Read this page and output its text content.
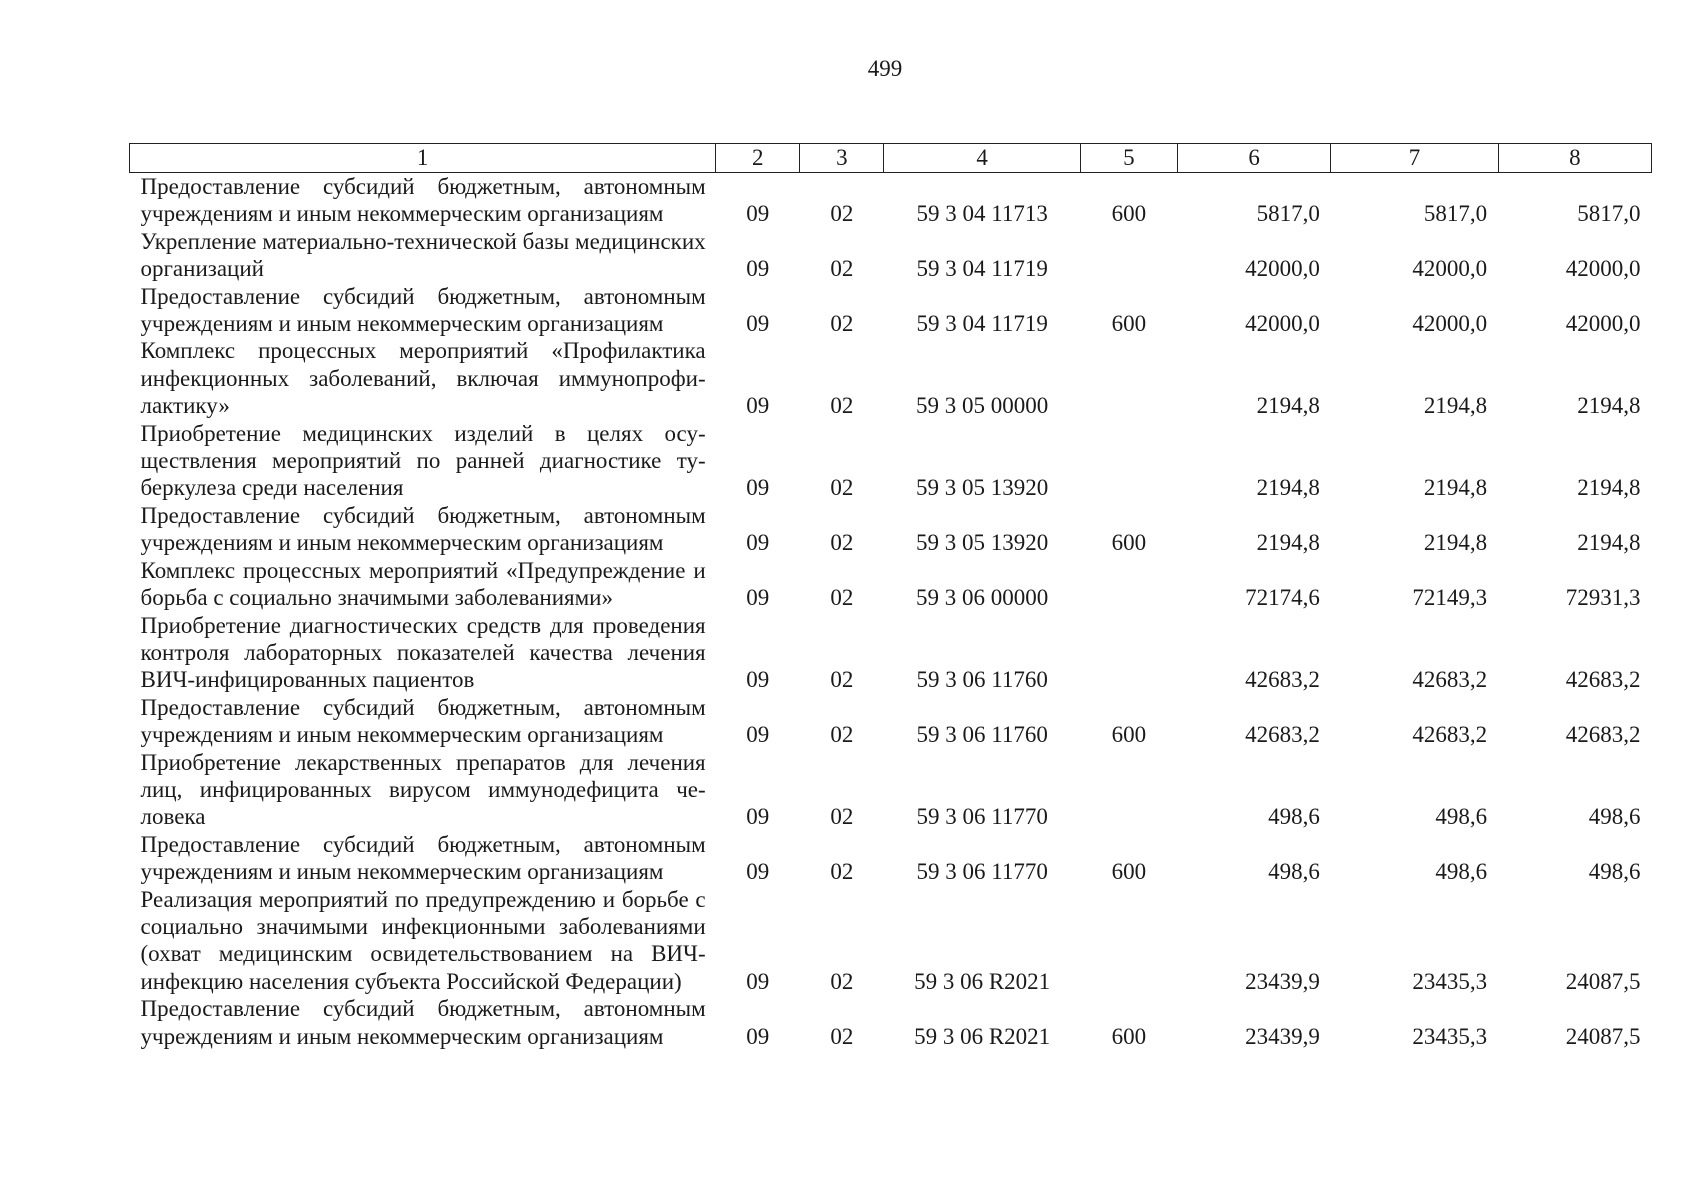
499
1	2	3	4	5	6	7	8
Предоставление субсидий бюджетным, автономным учреждениям и иным некоммерческим организациям	09	02	59 3 04 11713	600	5817,0	5817,0	5817,0
Укрепление материально-технической базы медицинских организаций	09	02	59 3 04 11719		42000,0	42000,0	42000,0
Предоставление субсидий бюджетным, автономным учреждениям и иным некоммерческим организациям	09	02	59 3 04 11719	600	42000,0	42000,0	42000,0
Комплекс процессных мероприятий «Профилактика инфекционных заболеваний, включая иммунопрофилактику»	09	02	59 3 05 00000		2194,8	2194,8	2194,8
Приобретение медицинских изделий в целях осуществления мероприятий по ранней диагностике туберкулеза среди населения	09	02	59 3 05 13920		2194,8	2194,8	2194,8
Предоставление субсидий бюджетным, автономным учреждениям и иным некоммерческим организациям	09	02	59 3 05 13920	600	2194,8	2194,8	2194,8
Комплекс процессных мероприятий «Предупреждение и борьба с социально значимыми заболеваниями»	09	02	59 3 06 00000		72174,6	72149,3	72931,3
Приобретение диагностических средств для проведения контроля лабораторных показателей качества лечения ВИЧ-инфицированных пациентов	09	02	59 3 06 11760		42683,2	42683,2	42683,2
Предоставление субсидий бюджетным, автономным учреждениям и иным некоммерческим организациям	09	02	59 3 06 11760	600	42683,2	42683,2	42683,2
Приобретение лекарственных препаратов для лечения лиц, инфицированных вирусом иммунодефицита человека	09	02	59 3 06 11770		498,6	498,6	498,6
Предоставление субсидий бюджетным, автономным учреждениям и иным некоммерческим организациям	09	02	59 3 06 11770	600	498,6	498,6	498,6
Реализация мероприятий по предупреждению и борьбе с социально значимыми инфекционными заболеваниями (охват медицинским освидетельствованием на ВИЧ-инфекцию населения субъекта Российской Федерации)	09	02	59 3 06 R2021		23439,9	23435,3	24087,5
Предоставление субсидий бюджетным, автономным учреждениям и иным некоммерческим организациям	09	02	59 3 06 R2021	600	23439,9	23435,3	24087,5
